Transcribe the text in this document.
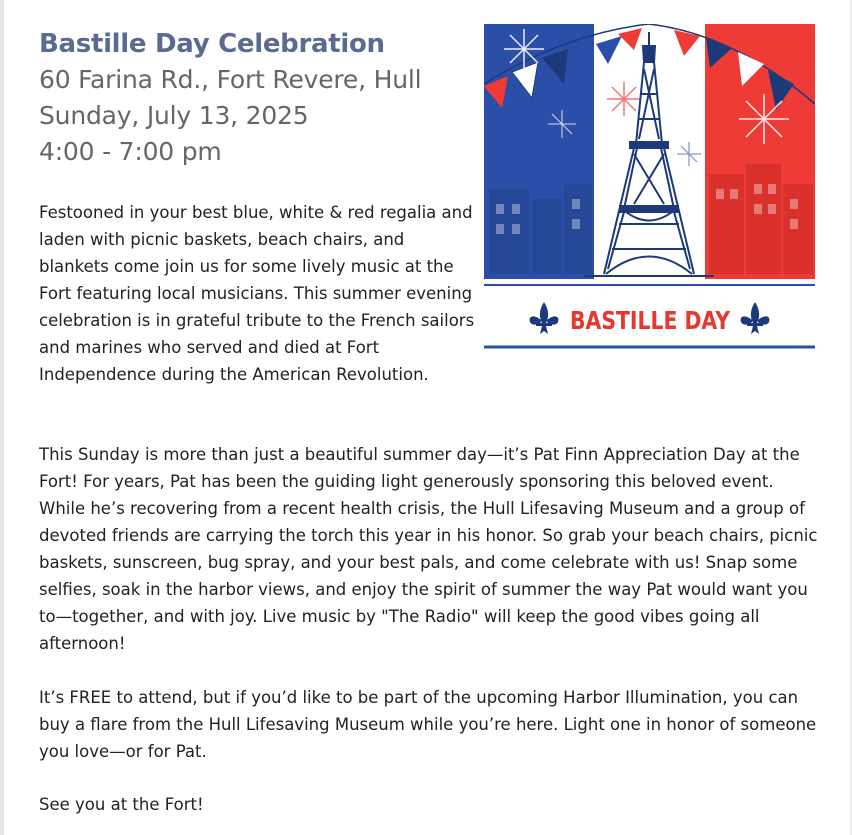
Bastille Day Celebration
60 Farina Rd., Fort Revere, Hull
Sunday, July 13, 2025
4:00 - 7:00 pm
Festooned in your best blue, white & red regalia and laden with picnic baskets, beach chairs, and blankets come join us for some lively music at the Fort featuring local musicians. This summer evening celebration is in grateful tribute to the French sailors and marines who served and died at Fort Independence during the American Revolution.
BASTILLE DAY
This Sunday is more than just a beautiful summer day—it’s Pat Finn Appreciation Day at the Fort! For years, Pat has been the guiding light generously sponsoring this beloved event. While he’s recovering from a recent health crisis, the Hull Lifesaving Museum and a group of devoted friends are carrying the torch this year in his honor. So grab your beach chairs, picnic baskets, sunscreen, bug spray, and your best pals, and come celebrate with us! Snap some selfies, soak in the harbor views, and enjoy the spirit of summer the way Pat would want you to—together, and with joy. Live music by "The Radio" will keep the good vibes going all afternoon!
It’s FREE to attend, but if you’d like to be part of the upcoming Harbor Illumination, you can buy a flare from the Hull Lifesaving Museum while you’re here. Light one in honor of someone you love—or for Pat.
See you at the Fort!
